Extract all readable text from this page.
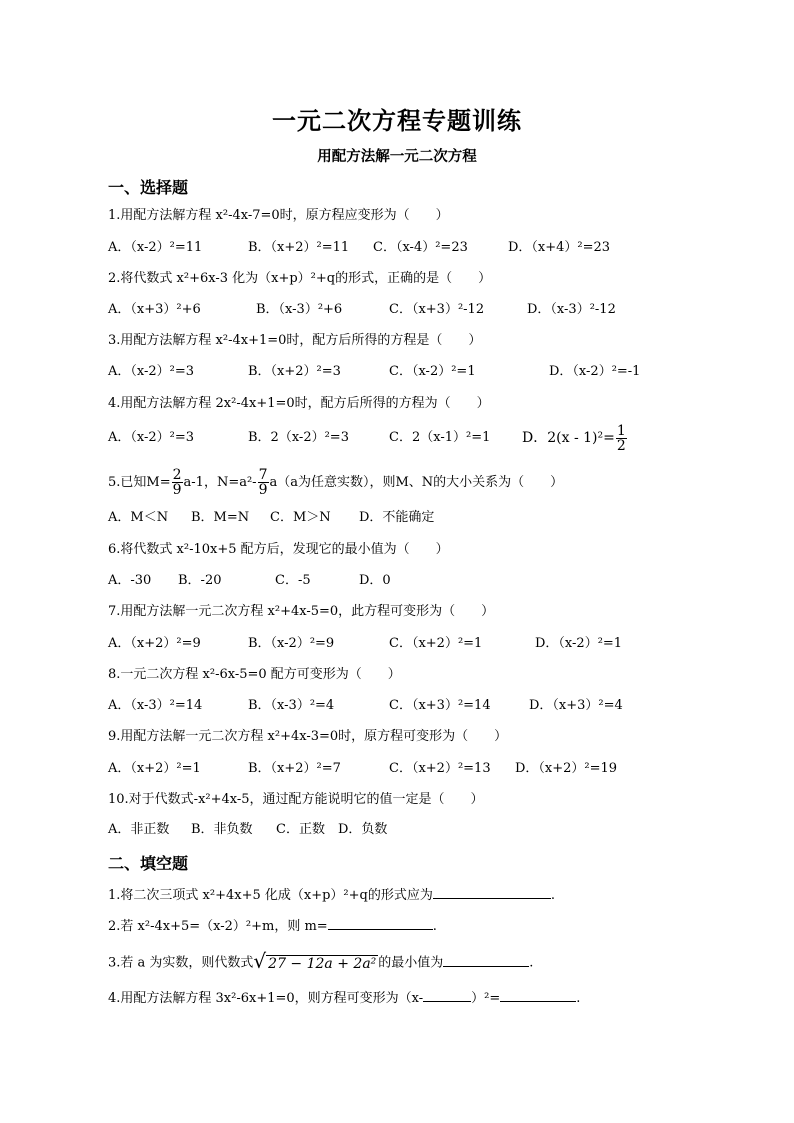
一元二次方程专题训练
用配方法解一元二次方程
一、选择题
1.用配方法解方程 x²-4x-7=0时，原方程应变形为（　　）
A．（x-2）²=11	B．（x+2）²=11 C．（x-4）²=23	D．（x+4）²=23
2.将代数式 x²+6x-3 化为（x+p）²+q的形式，正确的是（　　）
A．（x+3）²+6	B．（x-3）²+6	C．（x+3）²-12	D．（x-3）²-12
3.用配方法解方程 x²-4x+1=0时，配方后所得的方程是（　　）
A．（x-2）²=3	B．（x+2）²=3	C．（x-2）²=1	D．（x-2）²=-1
4.用配方法解方程 2x²-4x+1=0时，配方后所得的方程为（　　）
A．（x-2）²=3	B．2（x-2）²=3	C．2（x-1）²=1 D．$2(x - 1)^2= \frac{1}{2}$
5.已知$M= \frac{2}{9} a-1$，$N=a^2- \frac{7}{9} a(a$为任意实数），则M、N的大小关系为（　　）
A．M＜N B．M=N C．M＞N D．不能确定
6.将代数式 x²-10x+5 配方后，发现它的最小值为（　　）
A．-30 B．-20	C．-5	D．0
7.用配方法解一元二次方程 x²+4x-5=0，此方程可变形为（　　）
A．（x+2）²=9	B．（x-2）²=9	C．（x+2）²=1	D．（x-2）²=1
8.一元二次方程 x²-6x-5=0 配方可变形为（　　）
A．（x-3）²=14	B．（x-3）²=4	C．（x+3）²=14	D．（x+3）²=4
9.用配方法解一元二次方程 x²+4x-3=0时，原方程可变形为（　　）
A．（x+2）²=1	B．（x+2）²=7	C．（x+2）²=13 D．（x+2）²=19
10.对于代数式-x²+4x-5，通过配方能说明它的值一定是（　　）
A．非正数 B．非负数 C．正数 D．负数
二、填空题
1.将二次三项式 x²+4x+5 化成（x+p）²+q的形式应为	.
2.若 x²-4x+5=（x-2）²+m，则 m=	.
3.若 a 为实数，则代数式√ 27 − 12a + 2a² 的最小值为	.
4.用配方法解方程 3x²-6x+1=0，则方程可变形为（x-	）²=	.
